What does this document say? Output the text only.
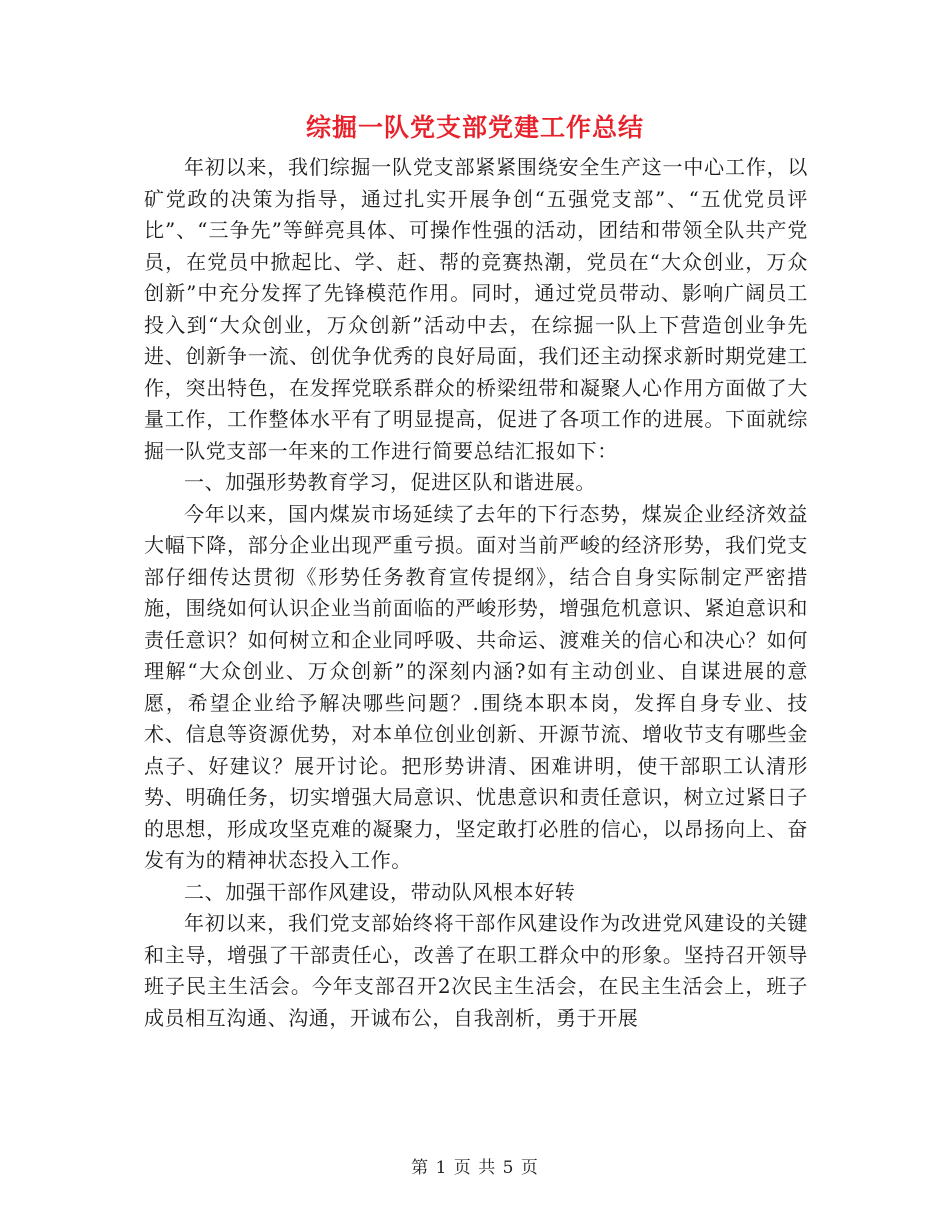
综掘一队党支部党建工作总结

年初以来，我们综掘一队党支部紧紧围绕安全生产这一中心工作，以矿党政的决策为指导，通过扎实开展争创“五强党支部”、“五优党员评比”、“三争先”等鲜亮具体、可操作性强的活动，团结和带领全队共产党员，在党员中掀起比、学、赶、帮的竞赛热潮，党员在“大众创业，万众创新”中充分发挥了先锋模范作用。同时，通过党员带动、影响广阔员工投入到“大众创业，万众创新”活动中去，在综掘一队上下营造创业争先进、创新争一流、创优争优秀的良好局面，我们还主动探求新时期党建工作，突出特色，在发挥党联系群众的桥梁纽带和凝聚人心作用方面做了大量工作，工作整体水平有了明显提高，促进了各项工作的进展。下面就综掘一队党支部一年来的工作进行简要总结汇报如下：

一、加强形势教育学习，促进区队和谐进展。

今年以来，国内煤炭市场延续了去年的下行态势，煤炭企业经济效益大幅下降，部分企业出现严重亏损。面对当前严峻的经济形势，我们党支部仔细传达贯彻《形势任务教育宣传提纲》，结合自身实际制定严密措施，围绕如何认识企业当前面临的严峻形势，增强危机意识、紧迫意识和责任意识？如何树立和企业同呼吸、共命运、渡难关的信心和决心？如何理解“大众创业、万众创新”的深刻内涵?如有主动创业、自谋进展的意愿，希望企业给予解决哪些问题？.围绕本职本岗，发挥自身专业、技术、信息等资源优势，对本单位创业创新、开源节流、增收节支有哪些金点子、好建议？展开讨论。把形势讲清、困难讲明，使干部职工认清形势、明确任务，切实增强大局意识、忧患意识和责任意识，树立过紧日子的思想，形成攻坚克难的凝聚力，坚定敢打必胜的信心，以昂扬向上、奋发有为的精神状态投入工作。

二、加强干部作风建设，带动队风根本好转

年初以来，我们党支部始终将干部作风建设作为改进党风建设的关键和主导，增强了干部责任心，改善了在职工群众中的形象。坚持召开领导班子民主生活会。今年支部召开2次民主生活会，在民主生活会上，班子成员相互沟通、沟通，开诚布公，自我剖析，勇于开展

第 1 页 共 5 页
